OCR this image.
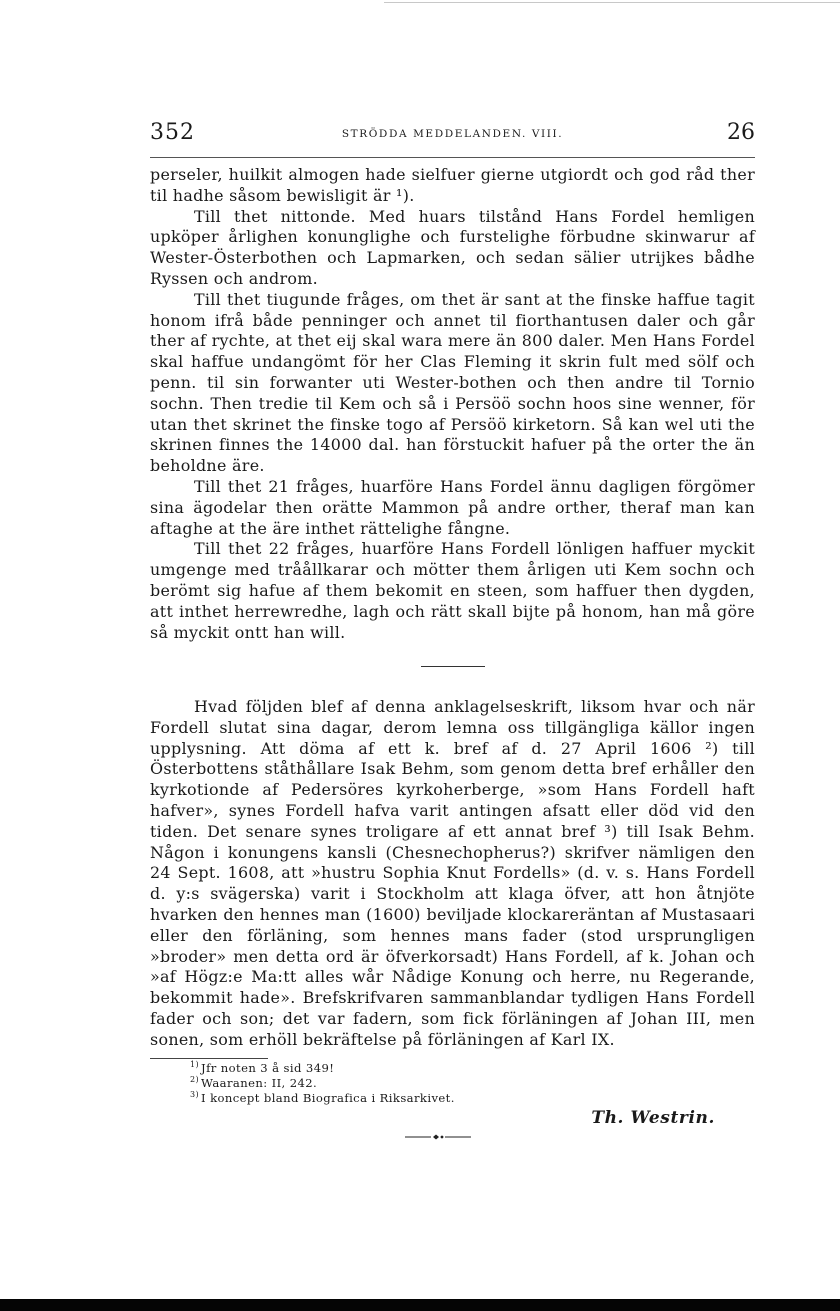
352	STRÖDDA MEDDELANDEN. VIII.	26

perseler, huilkit almogen hade sielfuer gierne utgiordt och god råd ther til hadhe såsom bewisligit är ¹).

Till thet nittonde. Med huars tilstånd Hans Fordel hemligen upköper årlighen konunglighe och furstelighe förbudne skinwarur af Wester-Österbothen och Lapmarken, och sedan sälier utrijkes bådhe Ryssen och androm.

Till thet tiugunde fråges, om thet är sant at the finske haffue tagit honom ifrå både penninger och annet til fiorthantusen daler och går ther af rychte, at thet eij skal wara mere än 800 daler. Men Hans Fordel skal haffue undangömt för her Clas Fleming it skrin fult med sölf och penn. til sin forwanter uti Wester-bothen och then andre til Tornio sochn. Then tredie til Kem och så i Persöö sochn hoos sine wenner, för utan thet skrinet the finske togo af Persöö kirketorn. Så kan wel uti the skrinen finnes the 14000 dal. han förstuckit hafuer på the orter the än beholdne äre.

Till thet 21 fråges, huarföre Hans Fordel ännu dagligen förgömer sina ägodelar then orätte Mammon på andre orther, theraf man kan aftaghe at the äre inthet rättelighe fångne.

Till thet 22 fråges, huarföre Hans Fordell lönligen haffuer myckit umgenge med tråållkarar och mötter them årligen uti Kem sochn och berömt sig hafue af them bekomit en steen, som haffuer then dygden, att inthet herrewredhe, lagh och rätt skall bijte på honom, han må göre så myckit ontt han will.

Hvad följden blef af denna anklagelseskrift, liksom hvar och när Fordell slutat sina dagar, derom lemna oss tillgängliga källor ingen upplysning. Att döma af ett k. bref af d. 27 April 1606 ²) till Österbottens ståthållare Isak Behm, som genom detta bref erhåller den kyrkotionde af Pedersöres kyrkoherberge, »som Hans Fordell haft hafver», synes Fordell hafva varit antingen afsatt eller död vid den tiden. Det senare synes troligare af ett annat bref ³) till Isak Behm. Någon i konungens kansli (Chesnechopherus?) skrifver nämligen den 24 Sept. 1608, att »hustru Sophia Knut Fordells» (d. v. s. Hans Fordell d. y:s svägerska) varit i Stockholm att klaga öfver, att hon åtnjöte hvarken den hennes man (1600) beviljade klockareräntan af Mustasaari eller den förläning, som hennes mans fader (stod ursprungligen »broder» men detta ord är öfverkorsadt) Hans Fordell, af k. Johan och »af Högz:e Ma:tt alles wår Nådige Konung och herre, nu Regerande, bekommit hade». Brefskrifvaren sammanblandar tydligen Hans Fordell fader och son; det var fadern, som fick förläningen af Johan III, men sonen, som erhöll bekräftelse på förläningen af Karl IX.

$^{1)}$ Jfr noten 3 å sid 349!

$^{2)}$ Waaranen: II, 242.

$^{3)}$ I koncept bland Biografica i Riksarkivet.

Th. Westrin.
